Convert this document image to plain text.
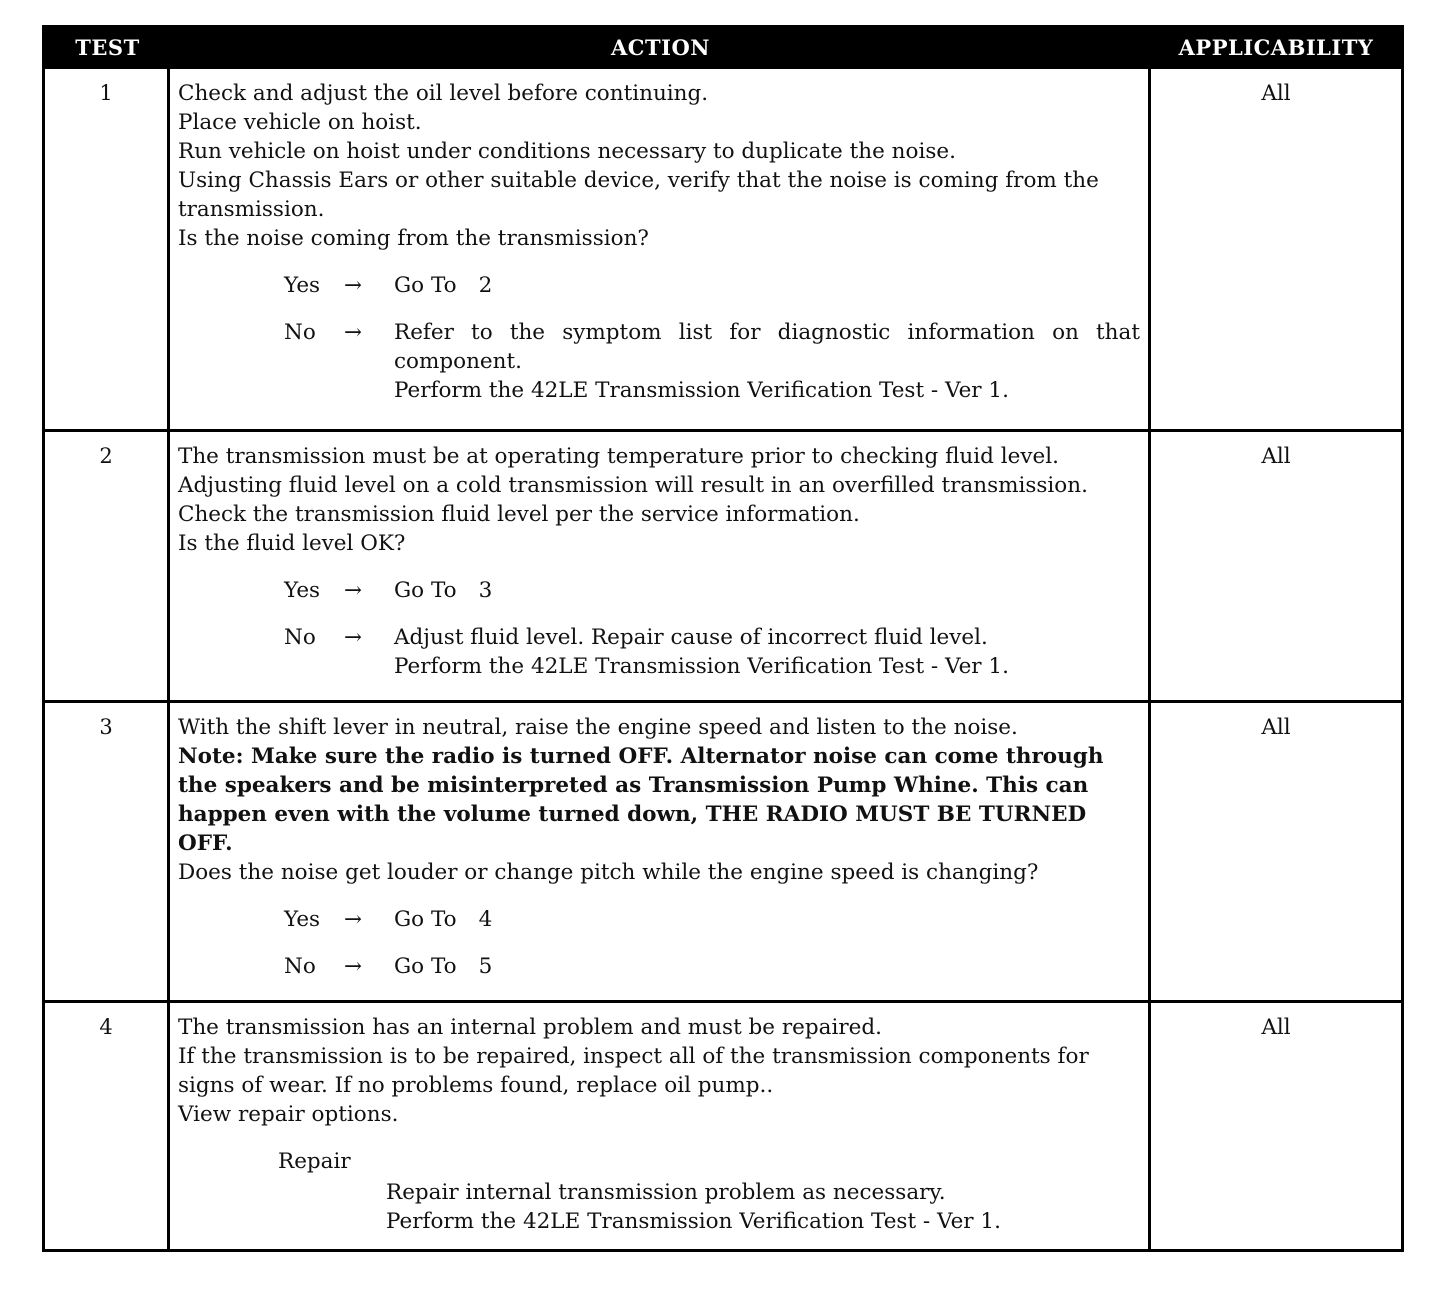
TEST	ACTION	APPLICABILITY
1	Check and adjust the oil level before continuing.
Place vehicle on hoist.
Run vehicle on hoist under conditions necessary to duplicate the noise.
Using Chassis Ears or other suitable device, verify that the noise is coming from the transmission.
Is the noise coming from the transmission?
Yes	→	Go To 2
No	→	Refer to the symptom list for diagnostic information on that component.
Perform the 42LE Transmission Verification Test - Ver 1.
All
2	The transmission must be at operating temperature prior to checking fluid level.
Adjusting fluid level on a cold transmission will result in an overfilled transmission.
Check the transmission fluid level per the service information.
Is the fluid level OK?
Yes	→	Go To 3
No	→	Adjust fluid level. Repair cause of incorrect fluid level.
Perform the 42LE Transmission Verification Test - Ver 1.
All
3	With the shift lever in neutral, raise the engine speed and listen to the noise.
Note: Make sure the radio is turned OFF. Alternator noise can come through the speakers and be misinterpreted as Transmission Pump Whine. This can happen even with the volume turned down, THE RADIO MUST BE TURNED OFF.
Does the noise get louder or change pitch while the engine speed is changing?
Yes	→	Go To 4
No	→	Go To 5
All
4	The transmission has an internal problem and must be repaired.
If the transmission is to be repaired, inspect all of the transmission components for signs of wear. If no problems found, replace oil pump..
View repair options.
Repair
Repair internal transmission problem as necessary.
Perform the 42LE Transmission Verification Test - Ver 1.
All
